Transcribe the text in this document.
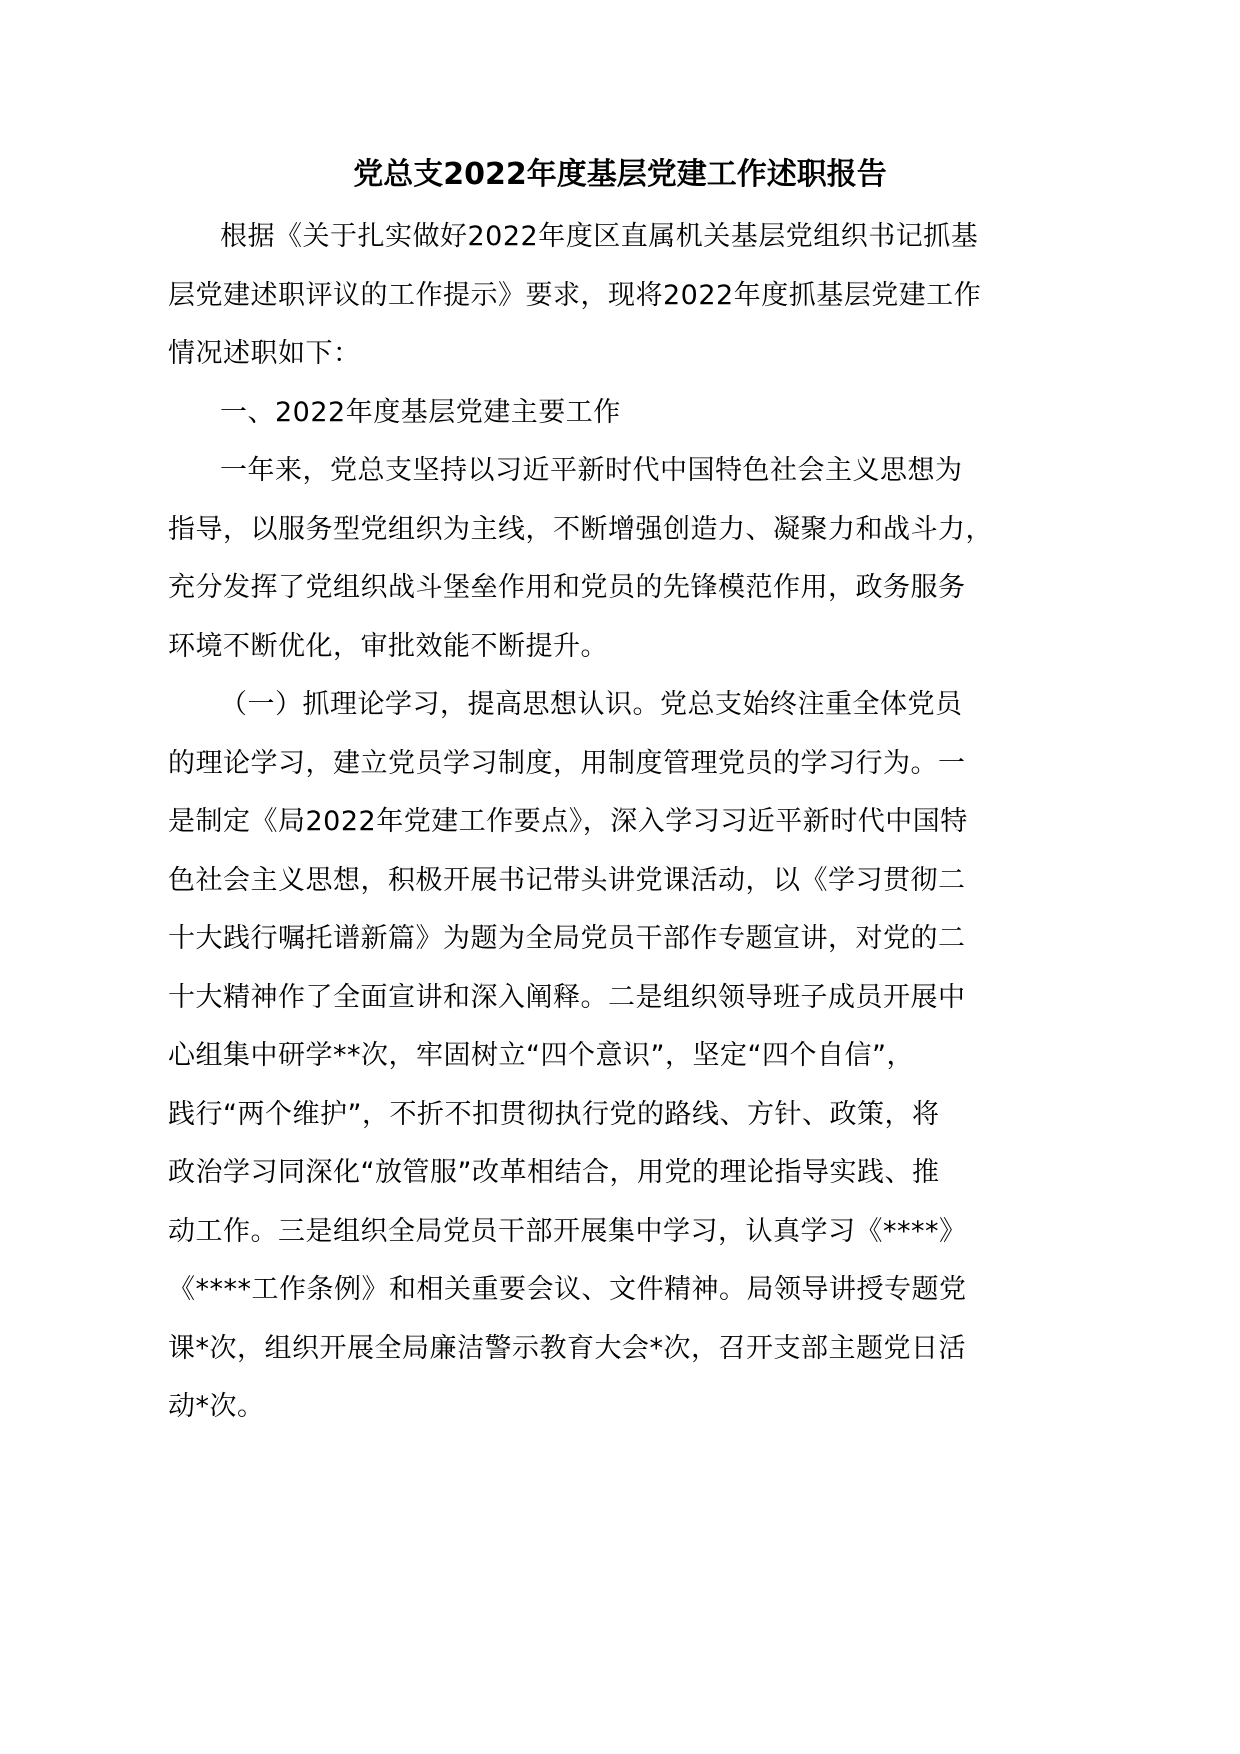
党总支2022年度基层党建工作述职报告
根据《关于扎实做好2022年度区直属机关基层党组织书记抓基
层党建述职评议的工作提示》要求，现将2022年度抓基层党建工作
情况述职如下：
一、2022年度基层党建主要工作
一年来，党总支坚持以习近平新时代中国特色社会主义思想为
指导，以服务型党组织为主线，不断增强创造力、凝聚力和战斗力，
充分发挥了党组织战斗堡垒作用和党员的先锋模范作用，政务服务
环境不断优化，审批效能不断提升。
（一）抓理论学习，提高思想认识。党总支始终注重全体党员
的理论学习，建立党员学习制度，用制度管理党员的学习行为。一
是制定《局2022年党建工作要点》，深入学习习近平新时代中国特
色社会主义思想，积极开展书记带头讲党课活动，以《学习贯彻二
十大践行嘱托谱新篇》为题为全局党员干部作专题宣讲，对党的二
十大精神作了全面宣讲和深入阐释。二是组织领导班子成员开展中
心组集中研学**次，牢固树立“四个意识”，坚定“四个自信”，
践行“两个维护”，不折不扣贯彻执行党的路线、方针、政策，将
政治学习同深化“放管服”改革相结合，用党的理论指导实践、推
动工作。三是组织全局党员干部开展集中学习，认真学习《****》
《****工作条例》和相关重要会议、文件精神。局领导讲授专题党
课*次，组织开展全局廉洁警示教育大会*次，召开支部主题党日活
动*次。
